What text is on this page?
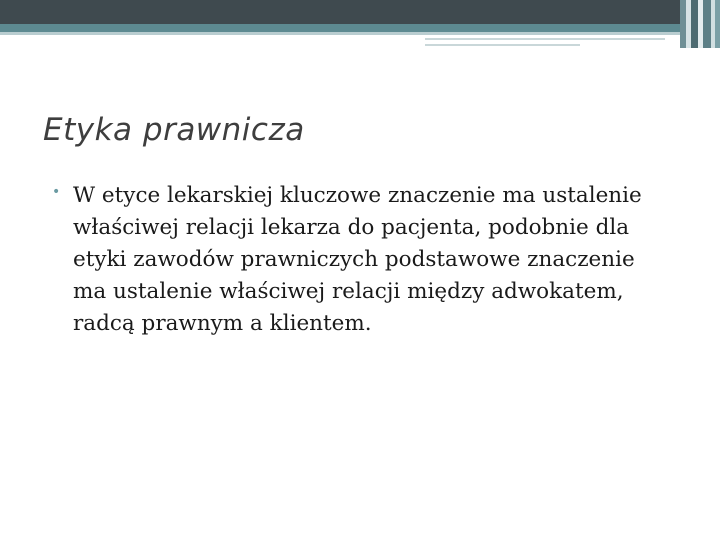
Etyka prawnicza
• W etyce lekarskiej kluczowe znaczenie ma ustalenie właściwej relacji lekarza do pacjenta, podobnie dla etyki zawodów prawniczych podstawowe znaczenie ma ustalenie właściwej relacji między adwokatem, radcą prawnym a klientem.
